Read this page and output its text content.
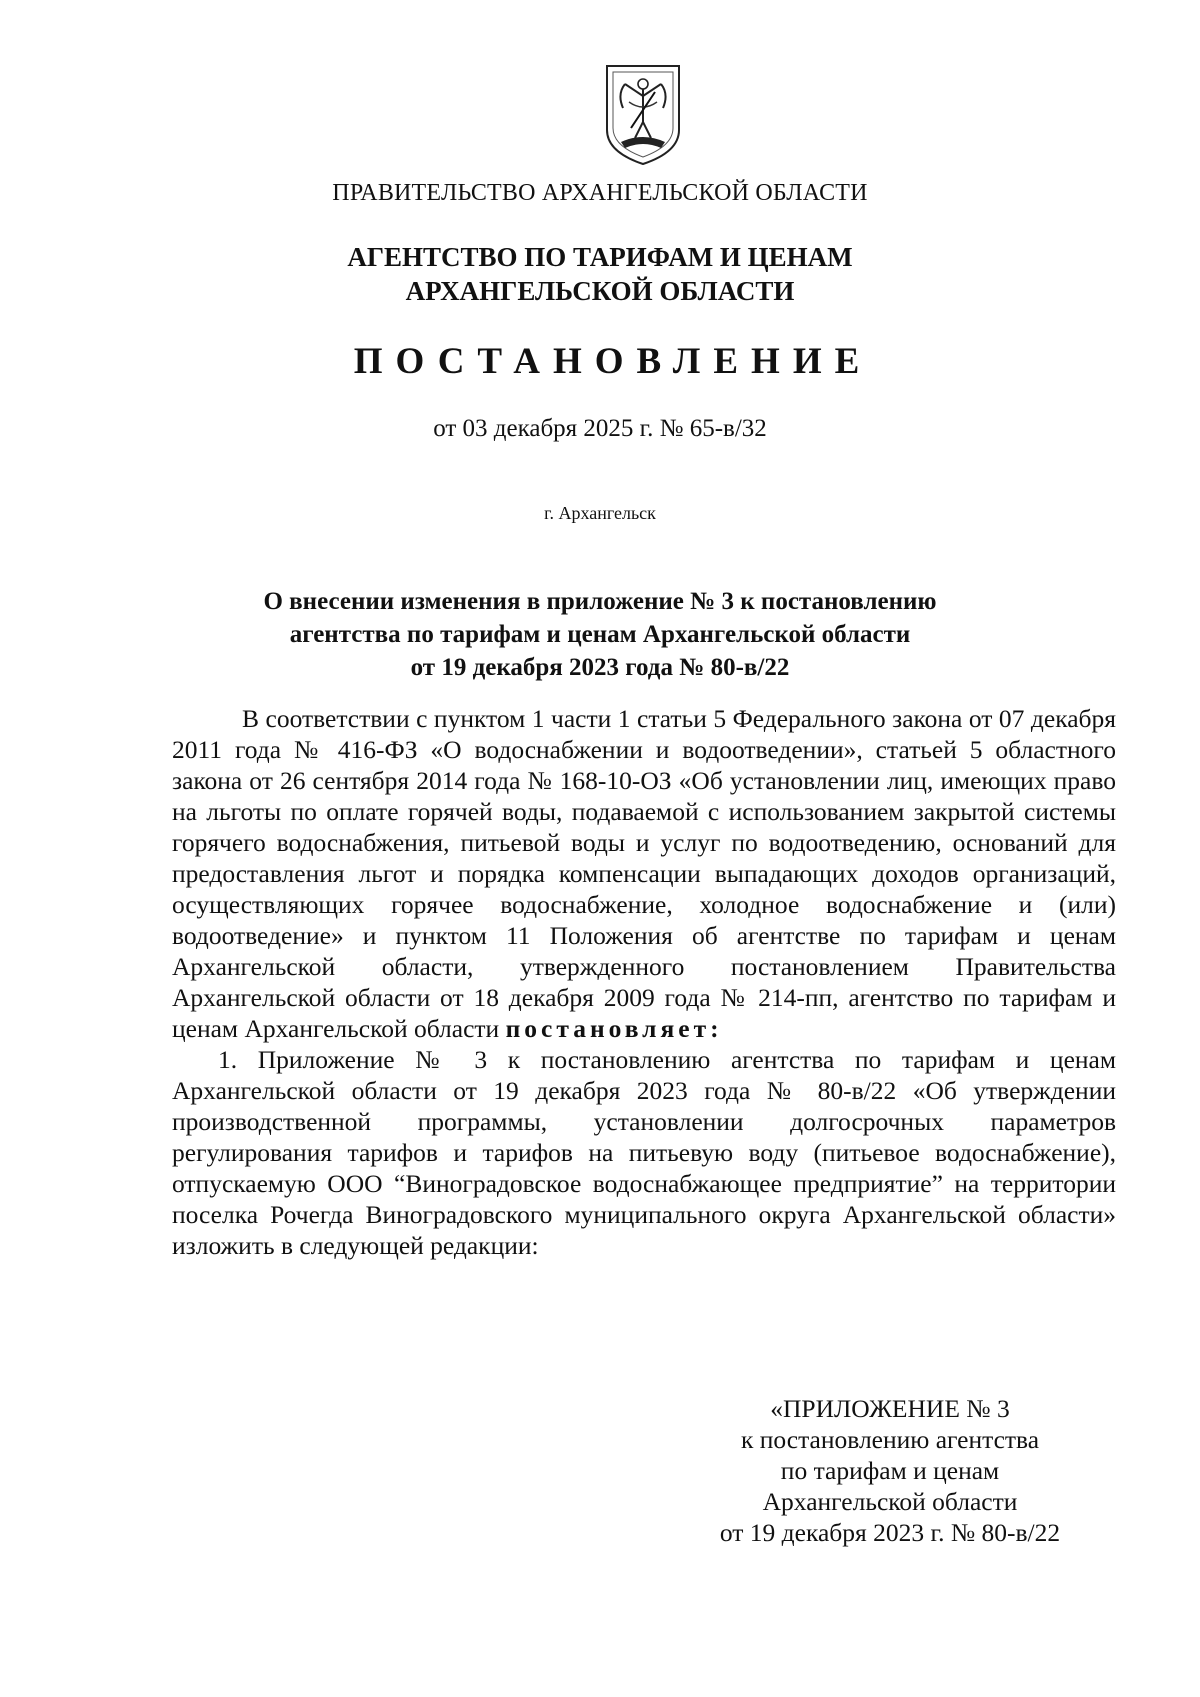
ПРАВИТЕЛЬСТВО АРХАНГЕЛЬСКОЙ ОБЛАСТИ
АГЕНТСТВО ПО ТАРИФАМ И ЦЕНАМ
АРХАНГЕЛЬСКОЙ ОБЛАСТИ
ПОСТАНОВЛЕНИЕ
от 03 декабря 2025 г. № 65-в/32
г. Архангельск
О внесении изменения в приложение № 3 к постановлению
агентства по тарифам и ценам Архангельской области
от 19 декабря 2023 года № 80-в/22

В соответствии с пунктом 1 части 1 статьи 5 Федерального закона от 07 декабря 2011 года № 416-ФЗ «О водоснабжении и водоотведении», статьей 5 областного закона от 26 сентября 2014 года № 168-10-ОЗ «Об установлении лиц, имеющих право на льготы по оплате горячей воды, подаваемой с использованием закрытой системы горячего водоснабжения, питьевой воды и услуг по водоотведению, оснований для предоставления льгот и порядка компенсации выпадающих доходов организаций, осуществляющих горячее водоснабжение, холодное водоснабжение и (или) водоотведение» и пунктом 11 Положения об агентстве по тарифам и ценам Архангельской области, утвержденного постановлением Правительства Архангельской области от 18 декабря 2009 года № 214-пп, агентство по тарифам и ценам Архангельской области постановляет:

1. Приложение № 3 к постановлению агентства по тарифам и ценам Архангельской области от 19 декабря 2023 года № 80-в/22 «Об утверждении производственной программы, установлении долгосрочных параметров регулирования тарифов и тарифов на питьевую воду (питьевое водоснабжение), отпускаемую ООО “Виноградовское водоснабжающее предприятие” на территории поселка Рочегда Виноградовского муниципального округа Архангельской области» изложить в следующей редакции:

«ПРИЛОЖЕНИЕ № 3
к постановлению агентства
по тарифам и ценам
Архангельской области
от 19 декабря 2023 г. № 80-в/22
